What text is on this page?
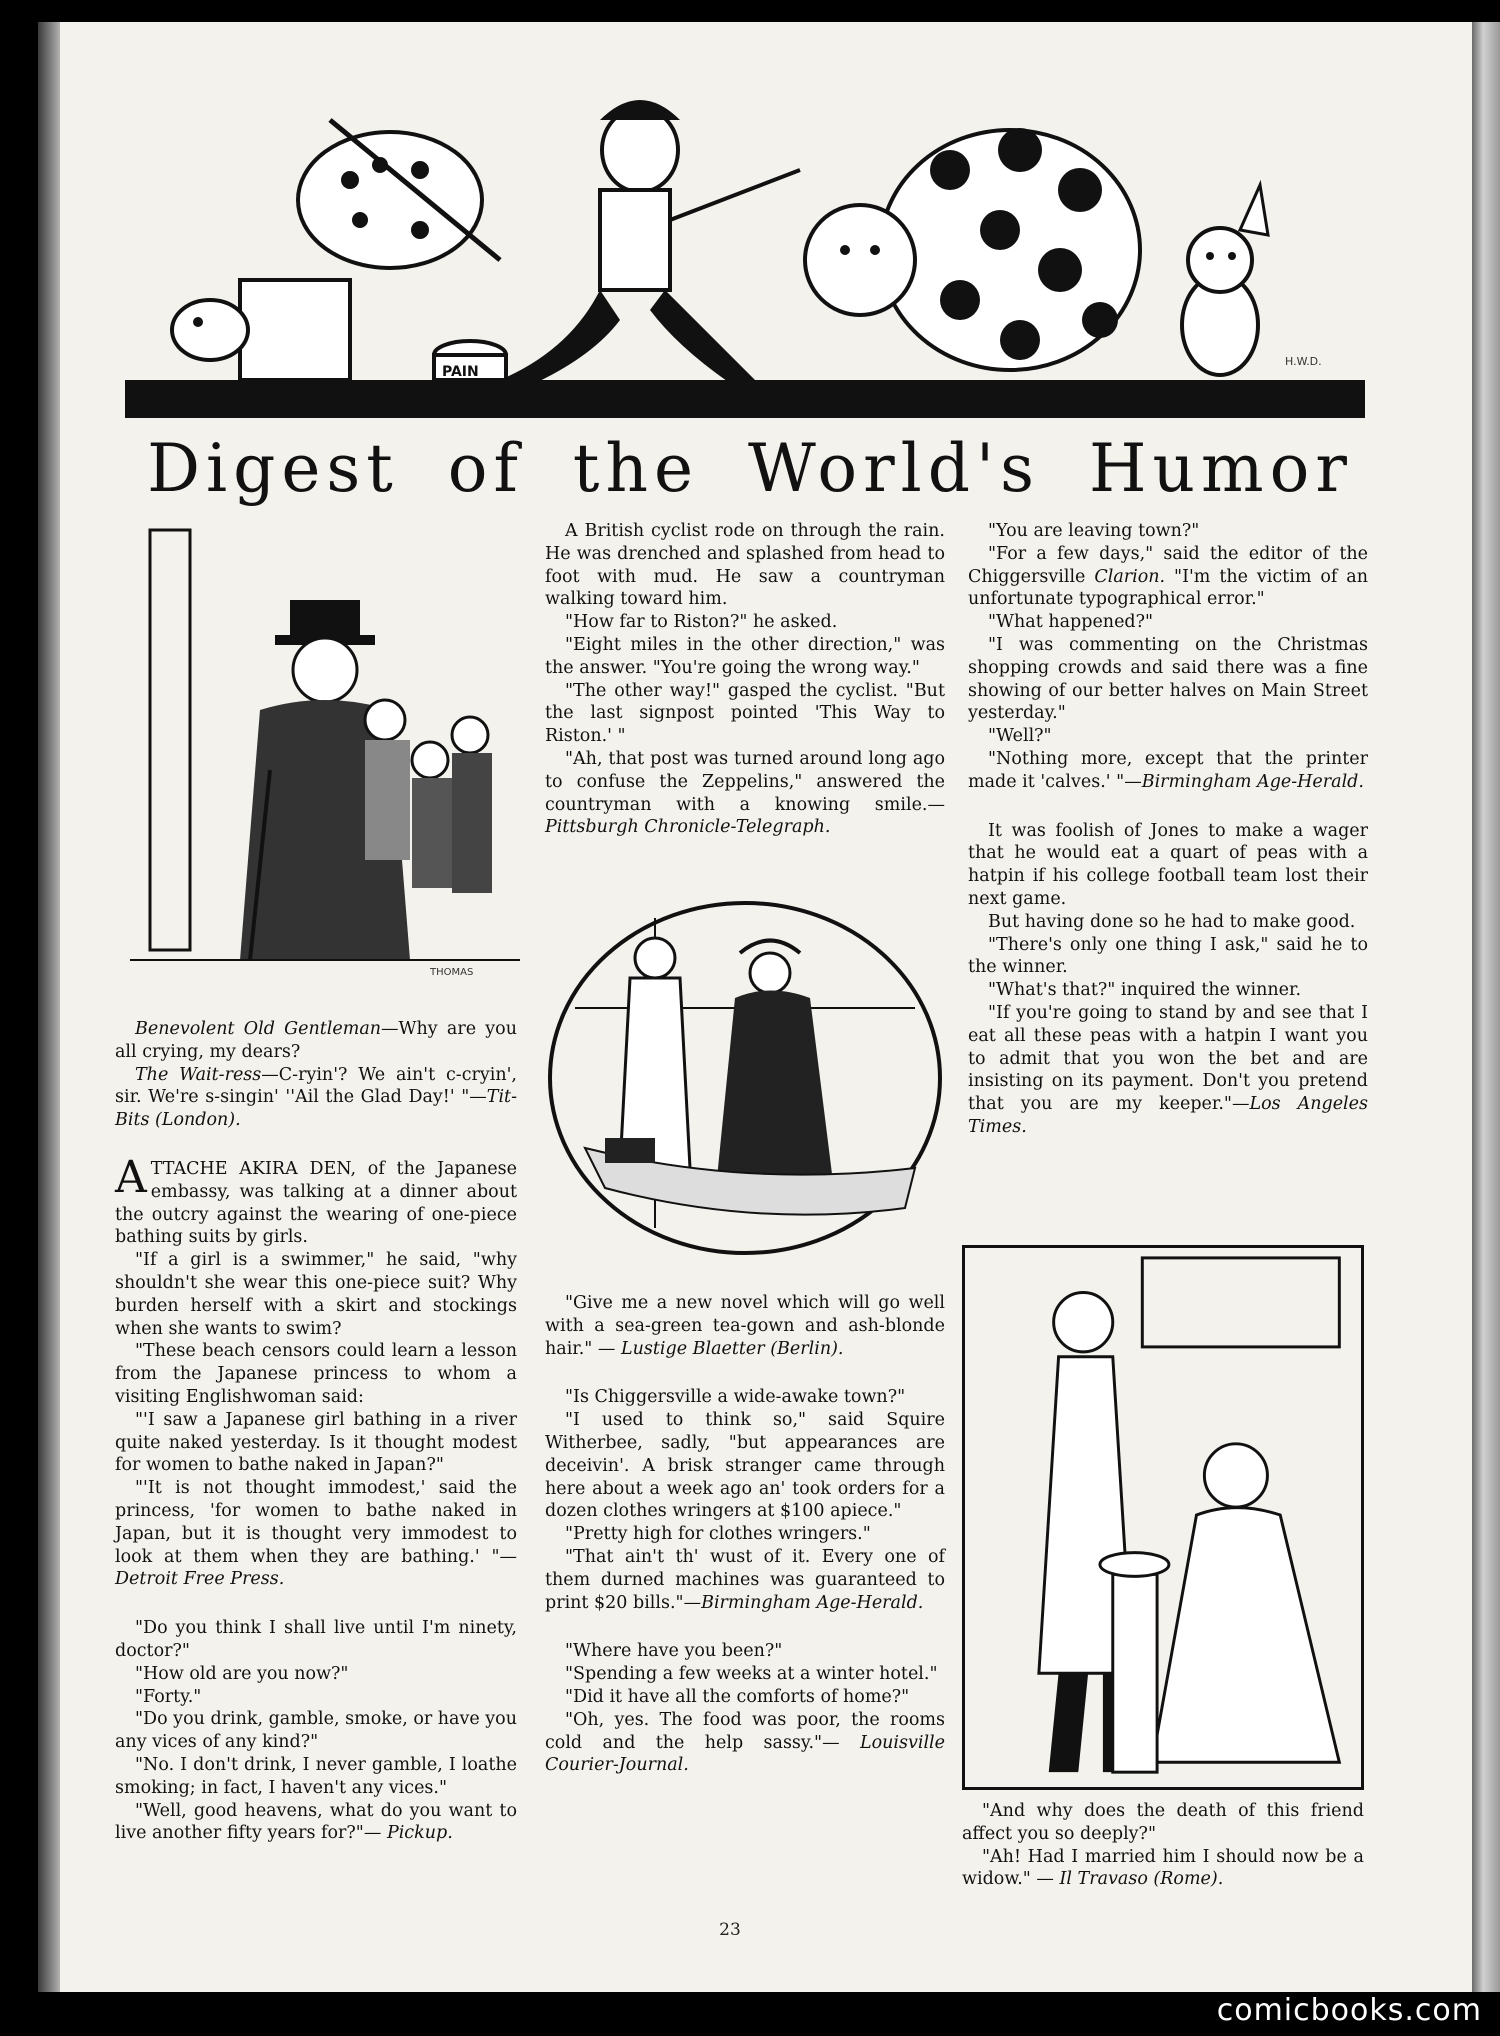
PAIN
H.W.D.
Digest of the World's Humor
THOMAS

Benevolent Old Gentleman—Why are you all crying, my dears?

The Wait-ress—C-ryin'? We ain't c-cryin', sir. We're s-singin' ''Ail the Glad Day!' "—Tit-Bits (London).

ATTACHE AKIRA DEN, of the Japanese embassy, was talking at a dinner about the outcry against the wearing of one-piece bathing suits by girls.

"If a girl is a swimmer," he said, "why shouldn't she wear this one-piece suit? Why burden herself with a skirt and stockings when she wants to swim?

"These beach censors could learn a lesson from the Japanese princess to whom a visiting Englishwoman said:

"'I saw a Japanese girl bathing in a river quite naked yesterday. Is it thought modest for women to bathe naked in Japan?"

"'It is not thought immodest,' said the princess, 'for women to bathe naked in Japan, but it is thought very immodest to look at them when they are bathing.' "—Detroit Free Press.

"Do you think I shall live until I'm ninety, doctor?"

"How old are you now?"

"Forty."

"Do you drink, gamble, smoke, or have you any vices of any kind?"

"No. I don't drink, I never gamble, I loathe smoking; in fact, I haven't any vices."

"Well, good heavens, what do you want to live another fifty years for?"— Pickup.

A British cyclist rode on through the rain. He was drenched and splashed from head to foot with mud. He saw a countryman walking toward him.

"How far to Riston?" he asked.

"Eight miles in the other direction," was the answer. "You're going the wrong way."

"The other way!" gasped the cyclist. "But the last signpost pointed 'This Way to Riston.' "

"Ah, that post was turned around long ago to confuse the Zeppelins," answered the countryman with a knowing smile.—Pittsburgh Chronicle-Telegraph.

"Give me a new novel which will go well with a sea-green tea-gown and ash-blonde hair." — Lustige Blaetter (Berlin).

"Is Chiggersville a wide-awake town?"

"I used to think so," said Squire Witherbee, sadly, "but appearances are deceivin'. A brisk stranger came through here about a week ago an' took orders for a dozen clothes wringers at $100 apiece."

"Pretty high for clothes wringers."

"That ain't th' wust of it. Every one of them durned machines was guaranteed to print $20 bills."—Birmingham Age-Herald.

"Where have you been?"

"Spending a few weeks at a winter hotel."

"Did it have all the comforts of home?"

"Oh, yes. The food was poor, the rooms cold and the help sassy."— Louisville Courier-Journal.

"You are leaving town?"

"For a few days," said the editor of the Chiggersville Clarion. "I'm the victim of an unfortunate typographical error."

"What happened?"

"I was commenting on the Christmas shopping crowds and said there was a fine showing of our better halves on Main Street yesterday."

"Well?"

"Nothing more, except that the printer made it 'calves.' "—Birmingham Age-Herald.

It was foolish of Jones to make a wager that he would eat a quart of peas with a hatpin if his college football team lost their next game.

But having done so he had to make good.

"There's only one thing I ask," said he to the winner.

"What's that?" inquired the winner.

"If you're going to stand by and see that I eat all these peas with a hatpin I want you to admit that you won the bet and are insisting on its payment. Don't you pretend that you are my keeper."—Los Angeles Times.

"And why does the death of this friend affect you so deeply?"

"Ah! Had I married him I should now be a widow." — Il Travaso (Rome).

23
comicbooks.com
